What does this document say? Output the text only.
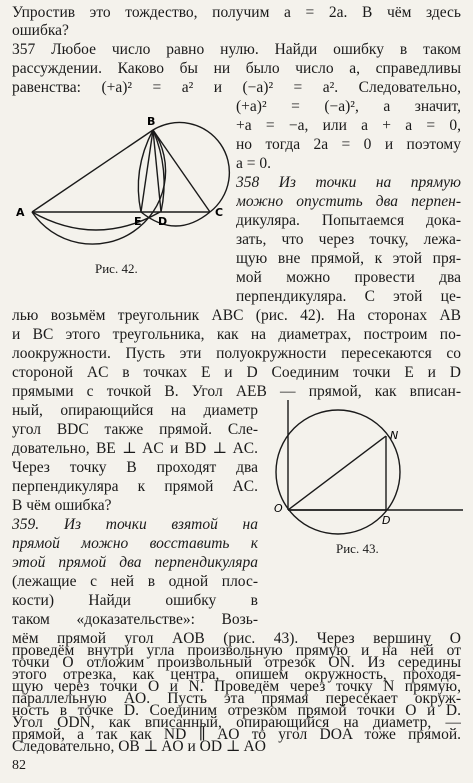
Упростив это тождество, получим a = 2a. В чём здесь
ошибка?
357 Любое число равно нулю. Найди ошибку в таком
рассуждении. Каково бы ни было число a, справедливы
равенства: (+a)² = a² и (−a)² = a². Следовательно,
(+a)² = (−a)², а значит,
+a = −a, или a + a = 0,
но тогда 2a = 0 и поэтому
a = 0.
358 Из точки на прямую
можно опустить два перпен-
дикуляра. Попытаемся дока-
зать, что через точку, лежа-
щую вне прямой, к этой пря-
мой можно провести два
перпендикуляра. С этой це-
лью возьмём треугольник ABC (рис. 42). На сторонах AB
и BC этого треугольника, как на диаметрах, построим по-
лоокружности. Пусть эти полуокружности пересекаются со
стороной AC в точках E и D Соединим точки E и D
прямыми с точкой B. Угол AEB — прямой, как вписан-
ный, опирающийся на диаметр
угол BDC также прямой. Сле-
довательно, BE ⊥ AC и BD ⊥ AC.
Через точку B проходят два
перпендикуляра к прямой AC.
В чём ошибка?
359. Из точки взятой на
прямой можно восставить к
этой прямой два перпендикуляра
(лежащие с ней в одной плос-
кости) Найди ошибку в
таком «доказательстве»: Возь-
B
A	C
E D
Рис. 42.
O
N
D
Рис. 43.
82
мём прямой угол AOB (рис. 43). Через вершину O
проведём внутри угла произвольную прямую и на ней от
точки O отложим произвольный отрезок ON. Из середины
этого отрезка, как центра, опишем окружность, проходя-
щую через точки O и N. Проведём через точку N прямую,
параллельную AO. Пусть эта прямая пересекает окруж-
ность в точке D. Соединим отрезком прямой точки O и D.
Угол ODN, как вписанный, опирающийся на диаметр, —
прямой, а так как ND ∥ AO то угол DOA тоже прямой.
Следовательно, OB ⊥ AO и OD ⊥ AO
